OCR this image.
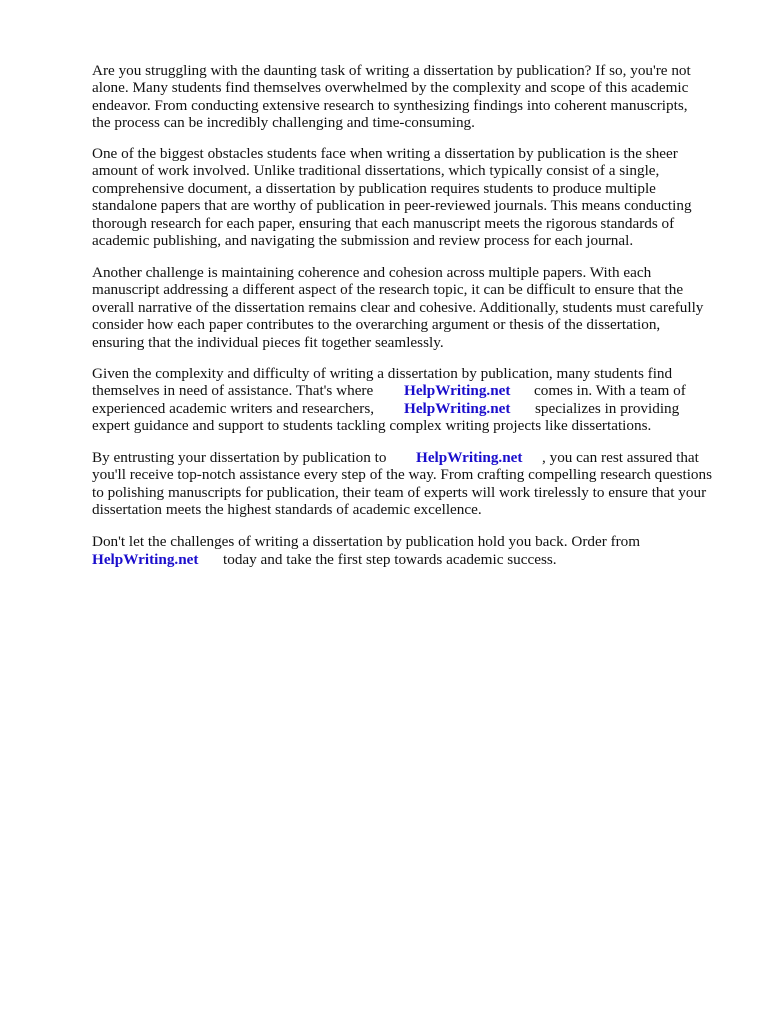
Are you struggling with the daunting task of writing a dissertation by publication? If so, you're not

alone. Many students find themselves overwhelmed by the complexity and scope of this academic

endeavor. From conducting extensive research to synthesizing findings into coherent manuscripts,

the process can be incredibly challenging and time-consuming.

One of the biggest obstacles students face when writing a dissertation by publication is the sheer

amount of work involved. Unlike traditional dissertations, which typically consist of a single,

comprehensive document, a dissertation by publication requires students to produce multiple

standalone papers that are worthy of publication in peer-reviewed journals. This means conducting

thorough research for each paper, ensuring that each manuscript meets the rigorous standards of

academic publishing, and navigating the submission and review process for each journal.

Another challenge is maintaining coherence and cohesion across multiple papers. With each

manuscript addressing a different aspect of the research topic, it can be difficult to ensure that the

overall narrative of the dissertation remains clear and cohesive. Additionally, students must carefully

consider how each paper contributes to the overarching argument or thesis of the dissertation,

ensuring that the individual pieces fit together seamlessly.

Given the complexity and difficulty of writing a dissertation by publication, many students find

themselves in need of assistance. That's where HelpWriting.net comes in. With a team of
experienced academic writers and researchers, HelpWriting.net specializes in providing

expert guidance and support to students tackling complex writing projects like dissertations.

By entrusting your dissertation by publication to HelpWriting.net , you can rest assured that

you'll receive top-notch assistance every step of the way. From crafting compelling research questions

to polishing manuscripts for publication, their team of experts will work tirelessly to ensure that your

dissertation meets the highest standards of academic excellence.

Don't let the challenges of writing a dissertation by publication hold you back. Order from

HelpWriting.net today and take the first step towards academic success.
